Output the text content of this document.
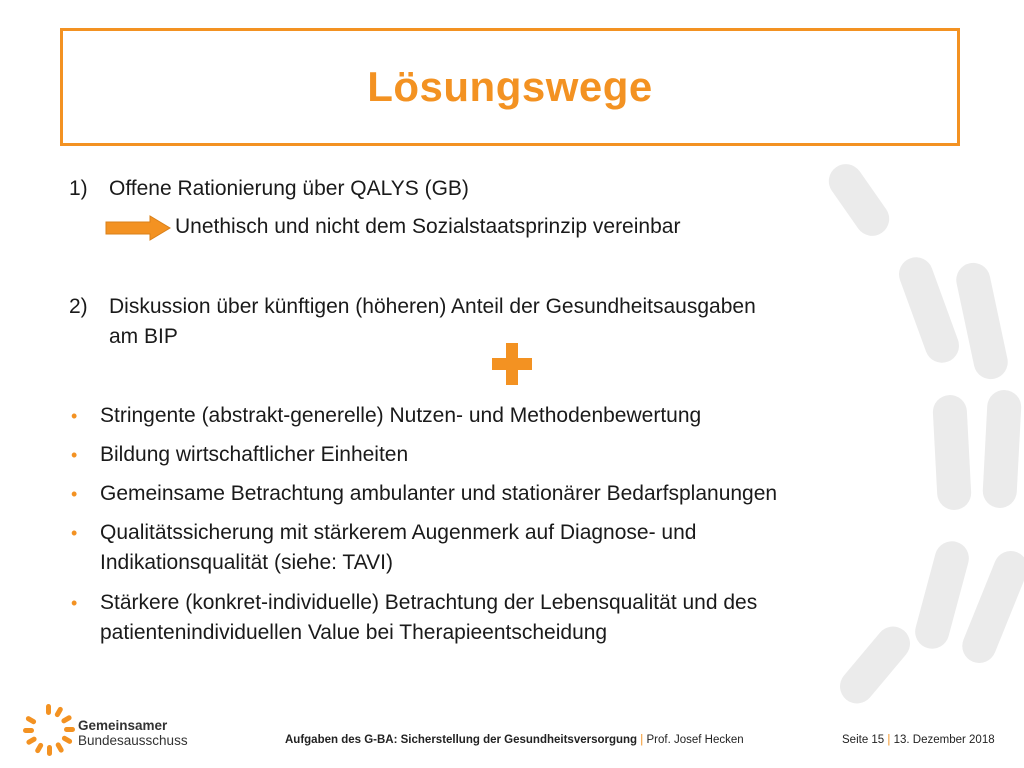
Lösungswege
1) Offene Rationierung über QALYS (GB)
Unethisch und nicht dem Sozialstaatsprinzip vereinbar
2) Diskussion über künftigen (höheren) Anteil der Gesundheitsausgaben
am BIP
• Stringente (abstrakt-generelle) Nutzen- und Methodenbewertung
• Bildung wirtschaftlicher Einheiten
• Gemeinsame Betrachtung ambulanter und stationärer Bedarfsplanungen
• Qualitätssicherung mit stärkerem Augenmerk auf Diagnose- und
Indikationsqualität (siehe: TAVI)
• Stärkere (konkret-individuelle) Betrachtung der Lebensqualität und des
patientenindividuellen Value bei Therapieentscheidung
Gemeinsamer
Bundesausschuss	Aufgaben des G-BA: Sicherstellung der Gesundheitsversorgung | Prof. Josef Hecken	Seite 15 | 13. Dezember 2018
